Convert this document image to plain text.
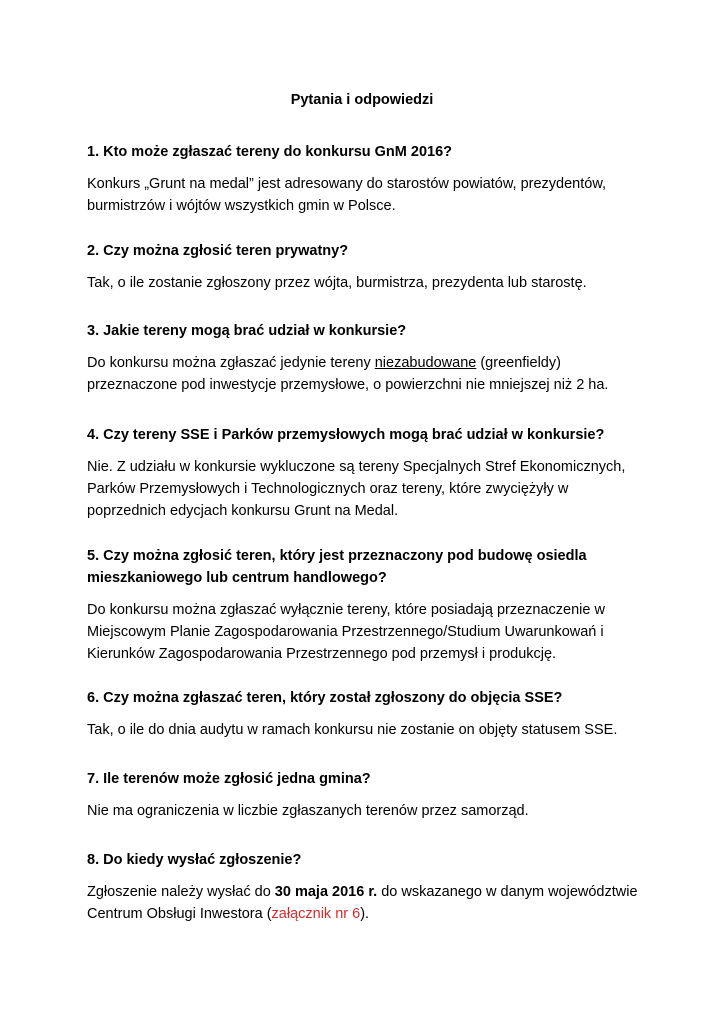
Pytania i odpowiedzi

1. Kto może zgłaszać tereny do konkursu GnM 2016?

Konkurs „Grunt na medal” jest adresowany do starostów powiatów, prezydentów, burmistrzów i wójtów wszystkich gmin w Polsce.

2. Czy można zgłosić teren prywatny?

Tak, o ile zostanie zgłoszony przez wójta, burmistrza, prezydenta lub starostę.

3. Jakie tereny mogą brać udział w konkursie?

Do konkursu można zgłaszać jedynie tereny niezabudowane (greenfieldy) przeznaczone pod inwestycje przemysłowe, o powierzchni nie mniejszej niż 2 ha.

4. Czy tereny SSE i Parków przemysłowych mogą brać udział w konkursie?

Nie. Z udziału w konkursie wykluczone są tereny Specjalnych Stref Ekonomicznych, Parków Przemysłowych i Technologicznych oraz tereny, które zwyciężyły w poprzednich edycjach konkursu Grunt na Medal.

5. Czy można zgłosić teren, który jest przeznaczony pod budowę osiedla mieszkaniowego lub centrum handlowego?

Do konkursu można zgłaszać wyłącznie tereny, które posiadają przeznaczenie w Miejscowym Planie Zagospodarowania Przestrzennego/Studium Uwarunkowań i Kierunków Zagospodarowania Przestrzennego pod przemysł i produkcję.

6. Czy można zgłaszać teren, który został zgłoszony do objęcia SSE?

Tak, o ile do dnia audytu w ramach konkursu nie zostanie on objęty statusem SSE.

7. Ile terenów może zgłosić jedna gmina?

Nie ma ograniczenia w liczbie zgłaszanych terenów przez samorząd.

8. Do kiedy wysłać zgłoszenie?

Zgłoszenie należy wysłać do 30 maja 2016 r. do wskazanego w danym województwie Centrum Obsługi Inwestora (załącznik nr 6).
